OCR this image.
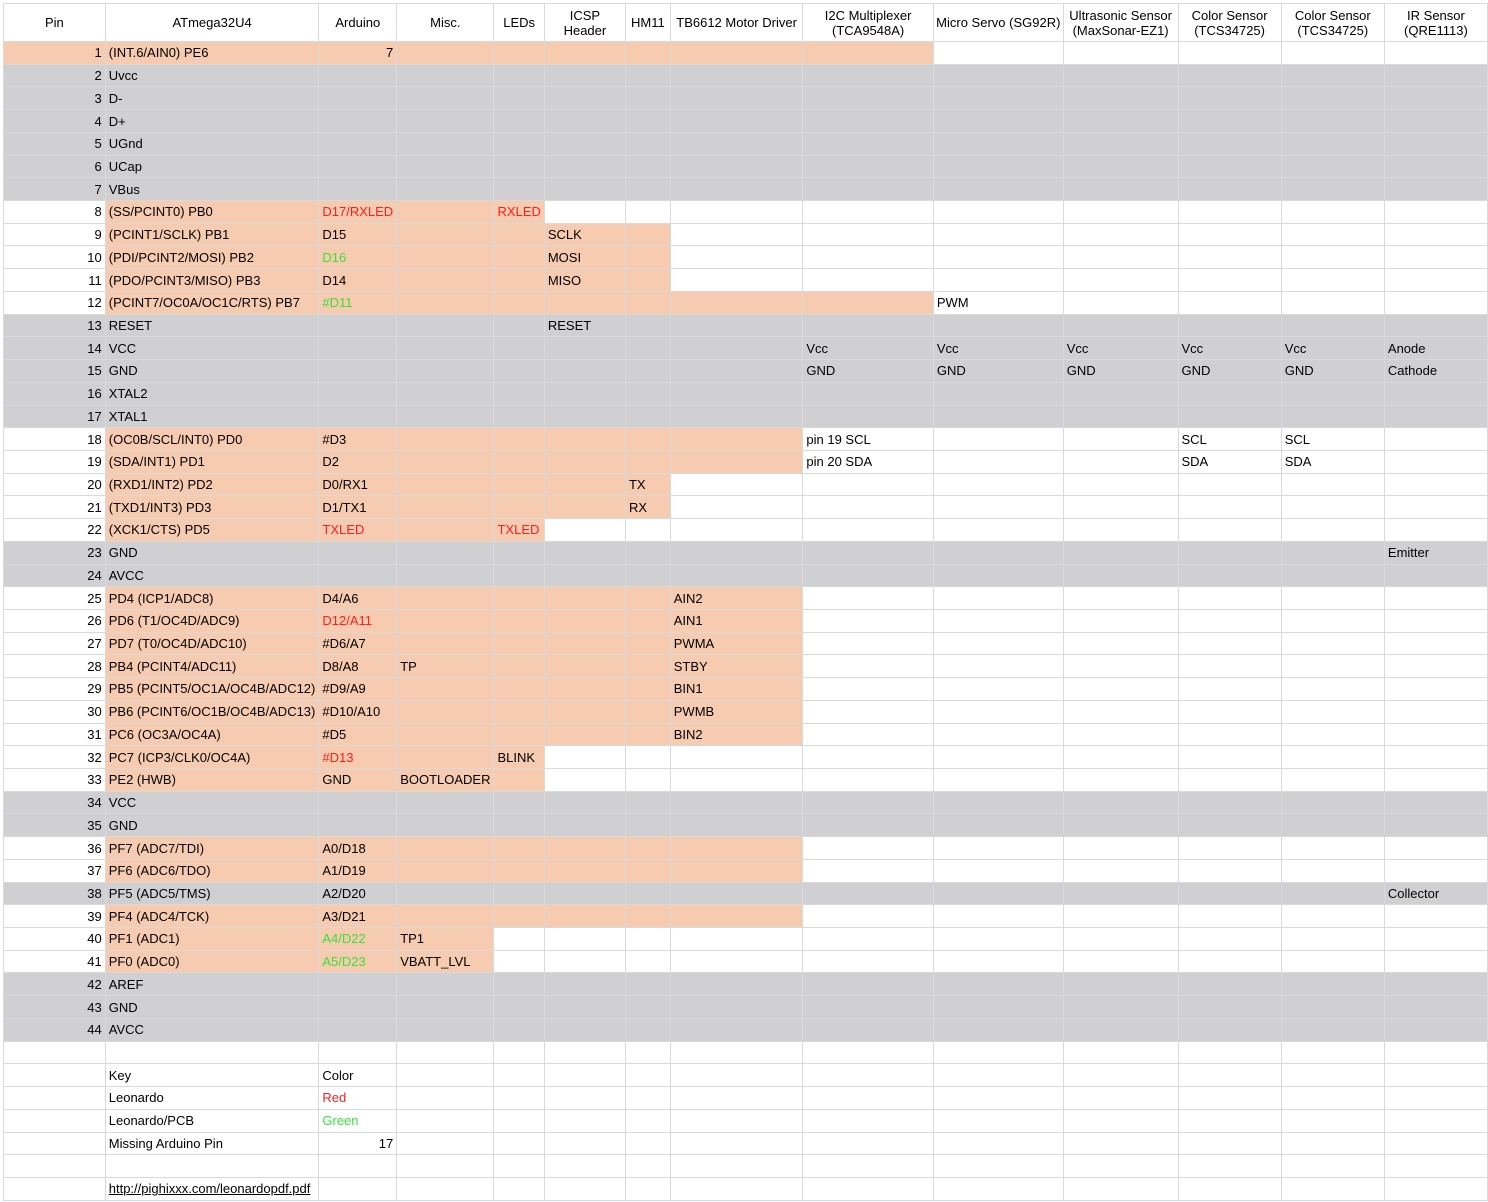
Pin	ATmega32U4	Arduino	Misc.	LEDs	ICSP Header	HM11	TB6612 Motor Driver	I2C Multiplexer (TCA9548A)	Micro Servo (SG92R)	Ultrasonic Sensor (MaxSonar-EZ1)	Color Sensor (TCS34725)	Color Sensor (TCS34725)	IR Sensor (QRE1113)
1	(INT.6/AIN0) PE6	7											
2	Uvcc												
3	D-												
4	D+												
5	UGnd												
6	UCap												
7	VBus												
8	(SS/PCINT0) PB0	D17/RXLED		RXLED									
9	(PCINT1/SCLK) PB1	D15			SCLK								
10	(PDI/PCINT2/MOSI) PB2	D16			MOSI								
11	(PDO/PCINT3/MISO) PB3	D14			MISO								
12	(PCINT7/OC0A/OC1C/RTS) PB7	#D11							PWM				
13	RESET				RESET								
14	VCC							Vcc	Vcc	Vcc	Vcc	Vcc	Anode
15	GND							GND	GND	GND	GND	GND	Cathode
16	XTAL2												
17	XTAL1												
18	(OC0B/SCL/INT0) PD0	#D3						pin 19 SCL			SCL	SCL	
19	(SDA/INT1) PD1	D2						pin 20 SDA			SDA	SDA	
20	(RXD1/INT2) PD2	D0/RX1				TX							
21	(TXD1/INT3) PD3	D1/TX1				RX							
22	(XCK1/CTS) PD5	TXLED		TXLED									
23	GND												Emitter
24	AVCC												
25	PD4 (ICP1/ADC8)	D4/A6					AIN2						
26	PD6 (T1/OC4D/ADC9)	D12/A11					AIN1						
27	PD7 (T0/OC4D/ADC10)	#D6/A7					PWMA						
28	PB4 (PCINT4/ADC11)	D8/A8	TP				STBY						
29	PB5 (PCINT5/OC1A/OC4B/ADC12)	#D9/A9					BIN1						
30	PB6 (PCINT6/OC1B/OC4B/ADC13)	#D10/A10					PWMB						
31	PC6 (OC3A/OC4A)	#D5					BIN2						
32	PC7 (ICP3/CLK0/OC4A)	#D13		BLINK									
33	PE2 (HWB)	GND	BOOTLOADER										
34	VCC												
35	GND												
36	PF7 (ADC7/TDI)	A0/D18											
37	PF6 (ADC6/TDO)	A1/D19											
38	PF5 (ADC5/TMS)	A2/D20											Collector
39	PF4 (ADC4/TCK)	A3/D21											
40	PF1 (ADC1)	A4/D22	TP1										
41	PF0 (ADC0)	A5/D23	VBATT_LVL										
42	AREF												
43	GND												
44	AVCC												

	Key	Color											
	Leonardo	Red											
	Leonardo/PCB	Green											
	Missing Arduino Pin	17											

	http://pighixxx.com/leonardopdf.pdf												
